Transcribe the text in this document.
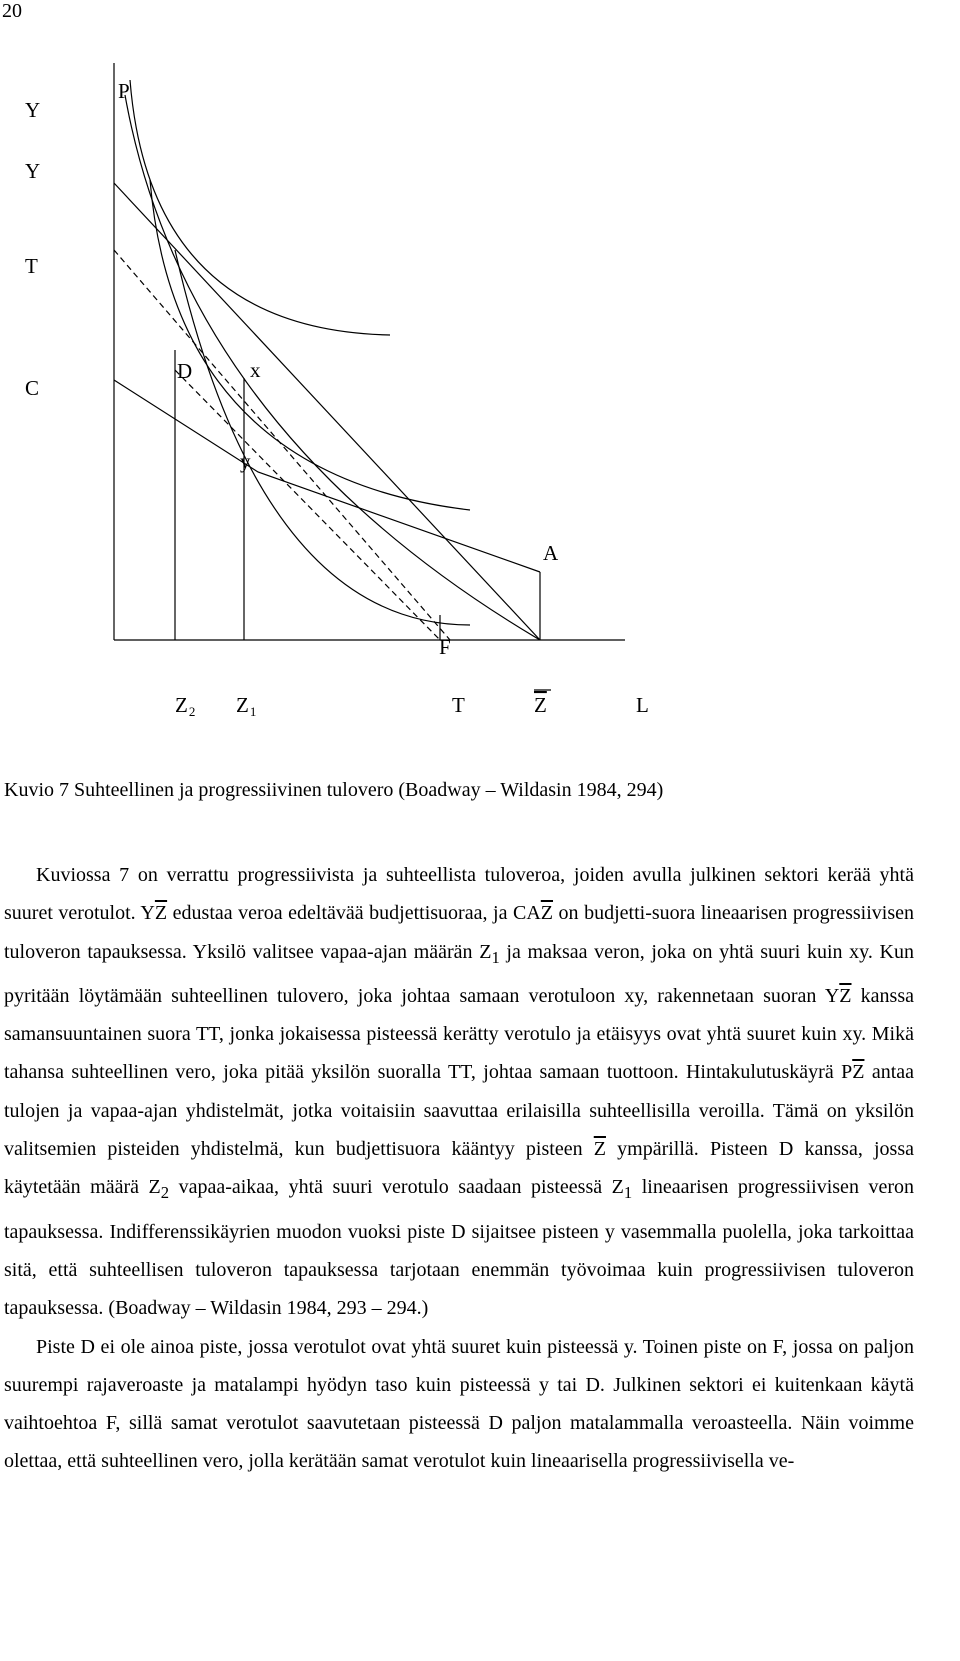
20
Y
P
Y
T
C
D	x
y
A
F
Z2 Z1	T	Z	L
Kuvio 7 Suhteellinen ja progressiivinen tulovero (Boadway – Wildasin 1984, 294)

Kuviossa 7 on verrattu progressiivista ja suhteellista tuloveroa, joiden avulla julkinen sektori kerää yhtä suuret verotulot. $Y\overline{Z}$ edustaa veroa edeltävää budjettisuoraa, ja $CA\overline{Z}$ on budjetti-suora lineaarisen progressiivisen tuloveron tapauksessa. Yksilö valitsee vapaa-ajan määrän $Z_1$ ja maksaa veron, joka on yhtä suuri kuin xy. Kun pyritään löytämään suhteellinen tulovero, joka johtaa samaan verotuloon xy, rakennetaan suoran $Y\overline{Z}$ kanssa samansuuntainen suora TT, jonka jokaisessa pisteessä kerätty verotulo ja etäisyys ovat yhtä suuret kuin xy. Mikä tahansa suhteellinen vero, joka pitää yksilön suoralla TT, johtaa samaan tuottoon. Hintakulutuskäyrä $P\overline{Z}$ antaa tulojen ja vapaa-ajan yhdistelmät, jotka voitaisiin saavuttaa erilaisilla suhteellisilla veroilla. Tämä on yksilön valitsemien pisteiden yhdistelmä, kun budjettisuora kääntyy pisteen $\overline{Z}$ ympärillä. Pisteen D kanssa, jossa käytetään määrä $Z_2$ vapaa-aikaa, yhtä suuri verotulo saadaan pisteessä $Z_1$ lineaarisen progressiivisen veron tapauksessa. Indifferenssikäyrien muodon vuoksi piste D sijaitsee pisteen y vasemmalla puolella, joka tarkoittaa sitä, että suhteellisen tuloveron tapauksessa tarjotaan enemmän työvoimaa kuin progressiivisen tuloveron tapauksessa. (Boadway – Wildasin 1984, 293 – 294.)

Piste D ei ole ainoa piste, jossa verotulot ovat yhtä suuret kuin pisteessä y. Toinen piste on F, jossa on paljon suurempi rajaveroaste ja matalampi hyödyn taso kuin pisteessä y tai D. Julkinen sektori ei kuitenkaan käytä vaihtoehtoa F, sillä samat verotulot saavutetaan pisteessä D paljon matalammalla veroasteella. Näin voimme olettaa, että suhteellinen vero, jolla kerätään samat verotulot kuin lineaarisella progressiivisella ve-
